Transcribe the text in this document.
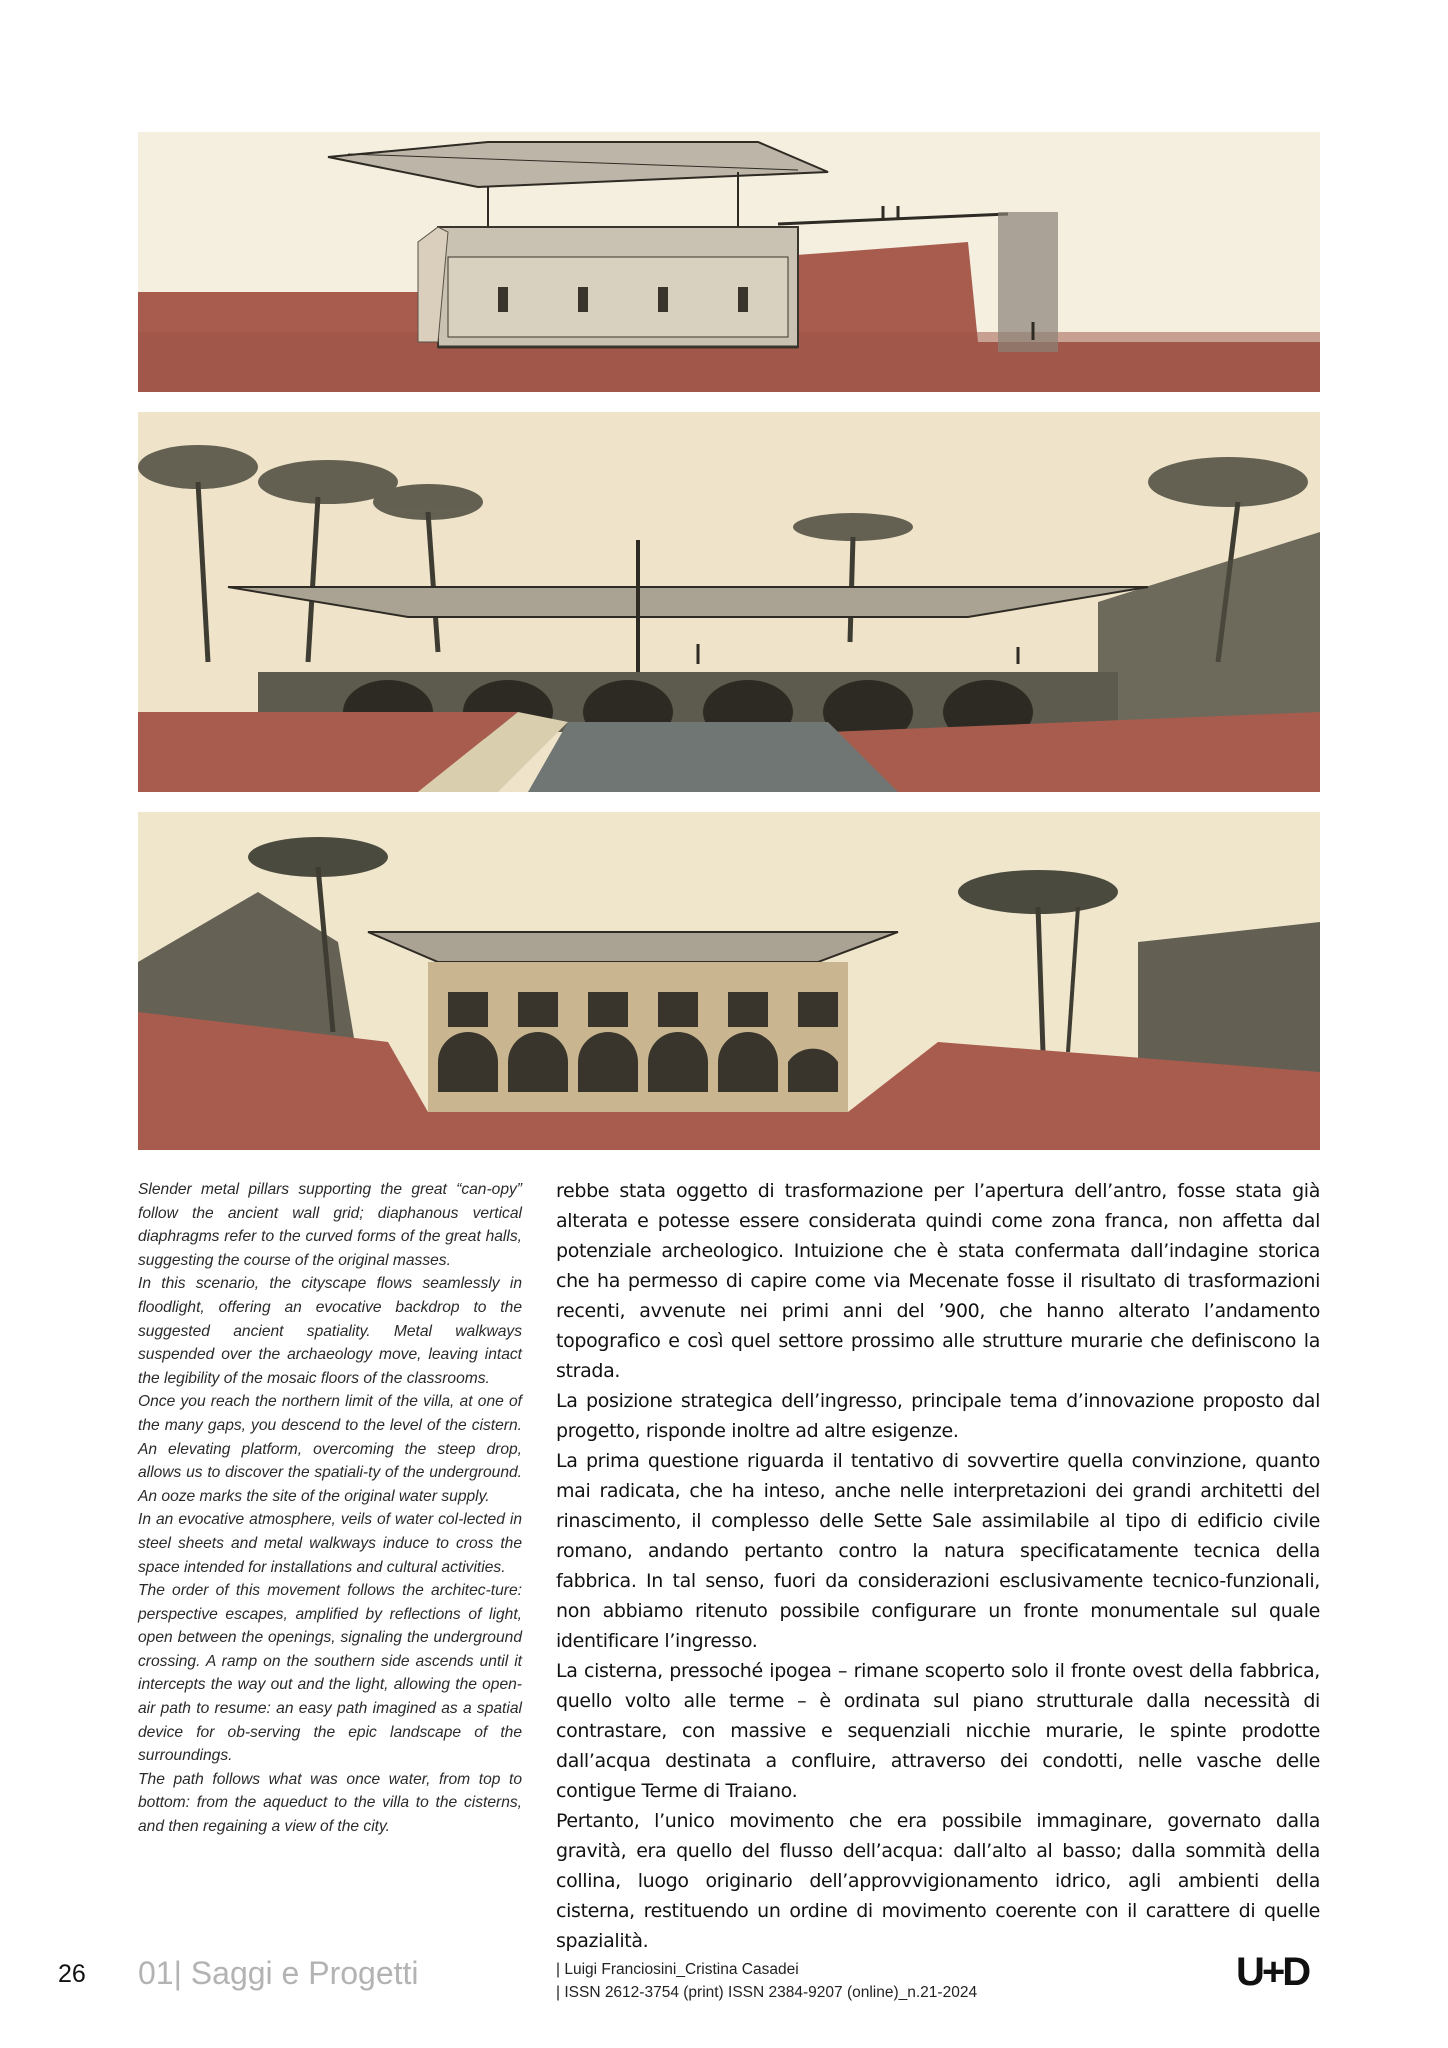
Slender metal pillars supporting the great “can-opy” follow the ancient wall grid; diaphanous vertical diaphragms refer to the curved forms of the great halls, suggesting the course of the original masses.

In this scenario, the cityscape flows seamlessly in floodlight, offering an evocative backdrop to the suggested ancient spatiality. Metal walkways suspended over the archaeology move, leaving intact the legibility of the mosaic floors of the classrooms.

Once you reach the northern limit of the villa, at one of the many gaps, you descend to the level of the cistern. An elevating platform, overcoming the steep drop, allows us to discover the spatiali-ty of the underground. An ooze marks the site of the original water supply.

In an evocative atmosphere, veils of water col-lected in steel sheets and metal walkways induce to cross the space intended for installations and cultural activities.

The order of this movement follows the architec-ture: perspective escapes, amplified by reflections of light, open between the openings, signaling the underground crossing. A ramp on the southern side ascends until it intercepts the way out and the light, allowing the open-air path to resume: an easy path imagined as a spatial device for ob-serving the epic landscape of the surroundings.

The path follows what was once water, from top to bottom: from the aqueduct to the villa to the cisterns, and then regaining a view of the city.

rebbe stata oggetto di trasformazione per l’apertura dell’antro, fosse stata già alterata e potesse essere considerata quindi come zona franca, non affetta dal potenziale archeologico. Intuizione che è stata confermata dall’indagine storica che ha permesso di capire come via Mecenate fosse il risultato di trasformazioni recenti, avvenute nei primi anni del ’900, che hanno alterato l’andamento topografico e così quel settore prossimo alle strutture murarie che definiscono la strada.

La posizione strategica dell’ingresso, principale tema d’innovazione proposto dal progetto, risponde inoltre ad altre esigenze.

La prima questione riguarda il tentativo di sovvertire quella convinzione, quanto mai radicata, che ha inteso, anche nelle interpretazioni dei grandi architetti del rinascimento, il complesso delle Sette Sale assimilabile al tipo di edificio civile romano, andando pertanto contro la natura specificatamente tecnica della fabbrica. In tal senso, fuori da considerazioni esclusivamente tecnico-funzionali, non abbiamo ritenuto possibile configurare un fronte monumentale sul quale identificare l’ingresso.

La cisterna, pressoché ipogea – rimane scoperto solo il fronte ovest della fabbrica, quello volto alle terme – è ordinata sul piano strutturale dalla necessità di contrastare, con massive e sequenziali nicchie murarie, le spinte prodotte dall’acqua destinata a confluire, attraverso dei condotti, nelle vasche delle contigue Terme di Traiano.

Pertanto, l’unico movimento che era possibile immaginare, governato dalla gravità, era quello del flusso dell’acqua: dall’alto al basso; dalla sommità della collina, luogo originario dell’approvvigionamento idrico, agli ambienti della cisterna, restituendo un ordine di movimento coerente con il carattere di quelle spazialità.

26 01| Saggi e Progetti	| Luigi Franciosini_Cristina Casadei
| ISSN 2612-3754 (print) ISSN 2384-9207 (online)_n.21-2024	U+D
